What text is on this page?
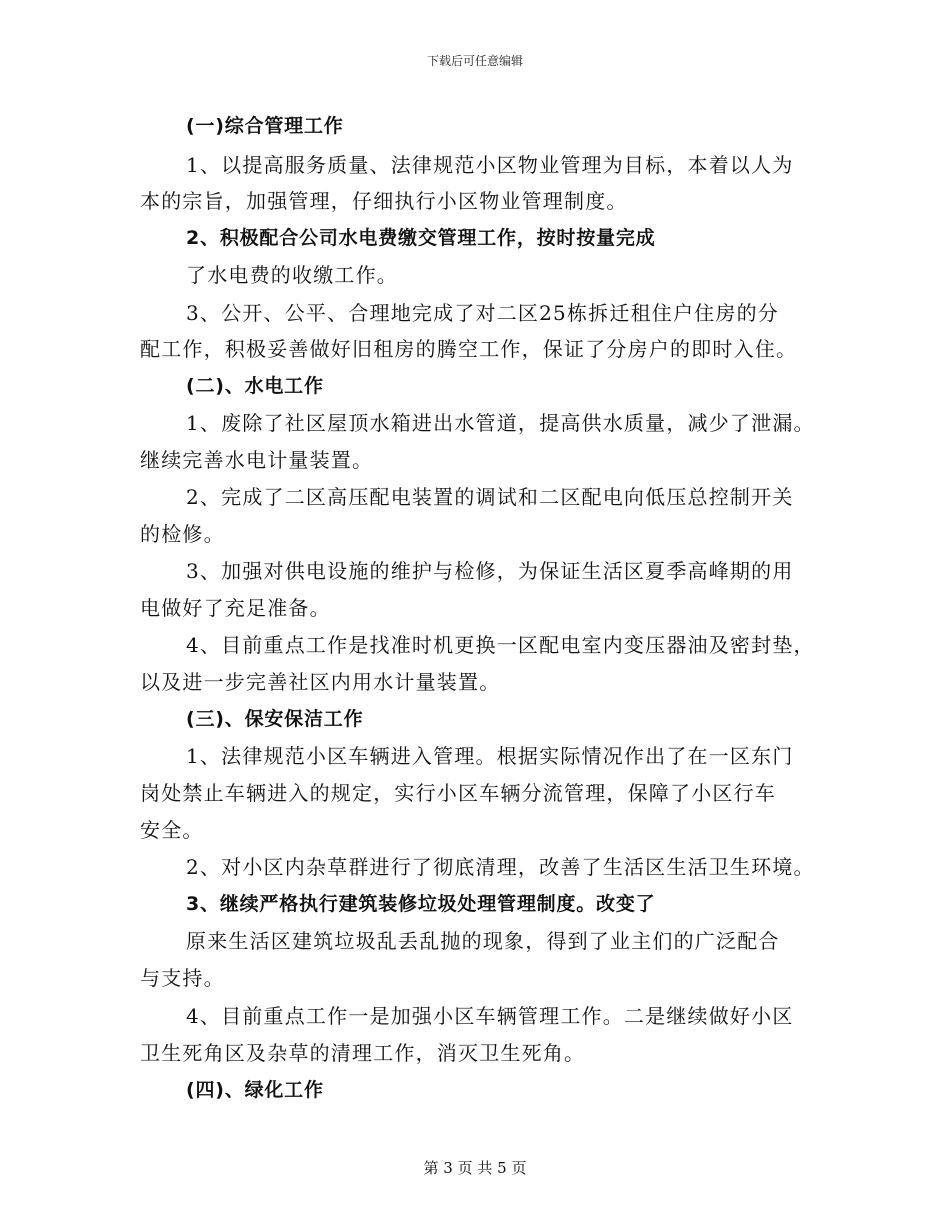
下载后可任意编辑
(一)综合管理工作
1、以提高服务质量、法律规范小区物业管理为目标，本着以人为
本的宗旨，加强管理，仔细执行小区物业管理制度。
2、积极配合公司水电费缴交管理工作，按时按量完成
了水电费的收缴工作。
3、公开、公平、合理地完成了对二区25栋拆迁租住户住房的分
配工作，积极妥善做好旧租房的腾空工作，保证了分房户的即时入住。
(二)、水电工作
1、废除了社区屋顶水箱进出水管道，提高供水质量，减少了泄漏。
继续完善水电计量装置。
2、完成了二区高压配电装置的调试和二区配电向低压总控制开关
的检修。
3、加强对供电设施的维护与检修，为保证生活区夏季高峰期的用
电做好了充足准备。
4、目前重点工作是找准时机更换一区配电室内变压器油及密封垫，
以及进一步完善社区内用水计量装置。
(三)、保安保洁工作
1、法律规范小区车辆进入管理。根据实际情况作出了在一区东门
岗处禁止车辆进入的规定，实行小区车辆分流管理，保障了小区行车
安全。
2、对小区内杂草群进行了彻底清理，改善了生活区生活卫生环境。
3、继续严格执行建筑装修垃圾处理管理制度。改变了
原来生活区建筑垃圾乱丢乱抛的现象，得到了业主们的广泛配合
与支持。
4、目前重点工作一是加强小区车辆管理工作。二是继续做好小区
卫生死角区及杂草的清理工作，消灭卫生死角。
(四)、绿化工作
第 3 页 共 5 页
